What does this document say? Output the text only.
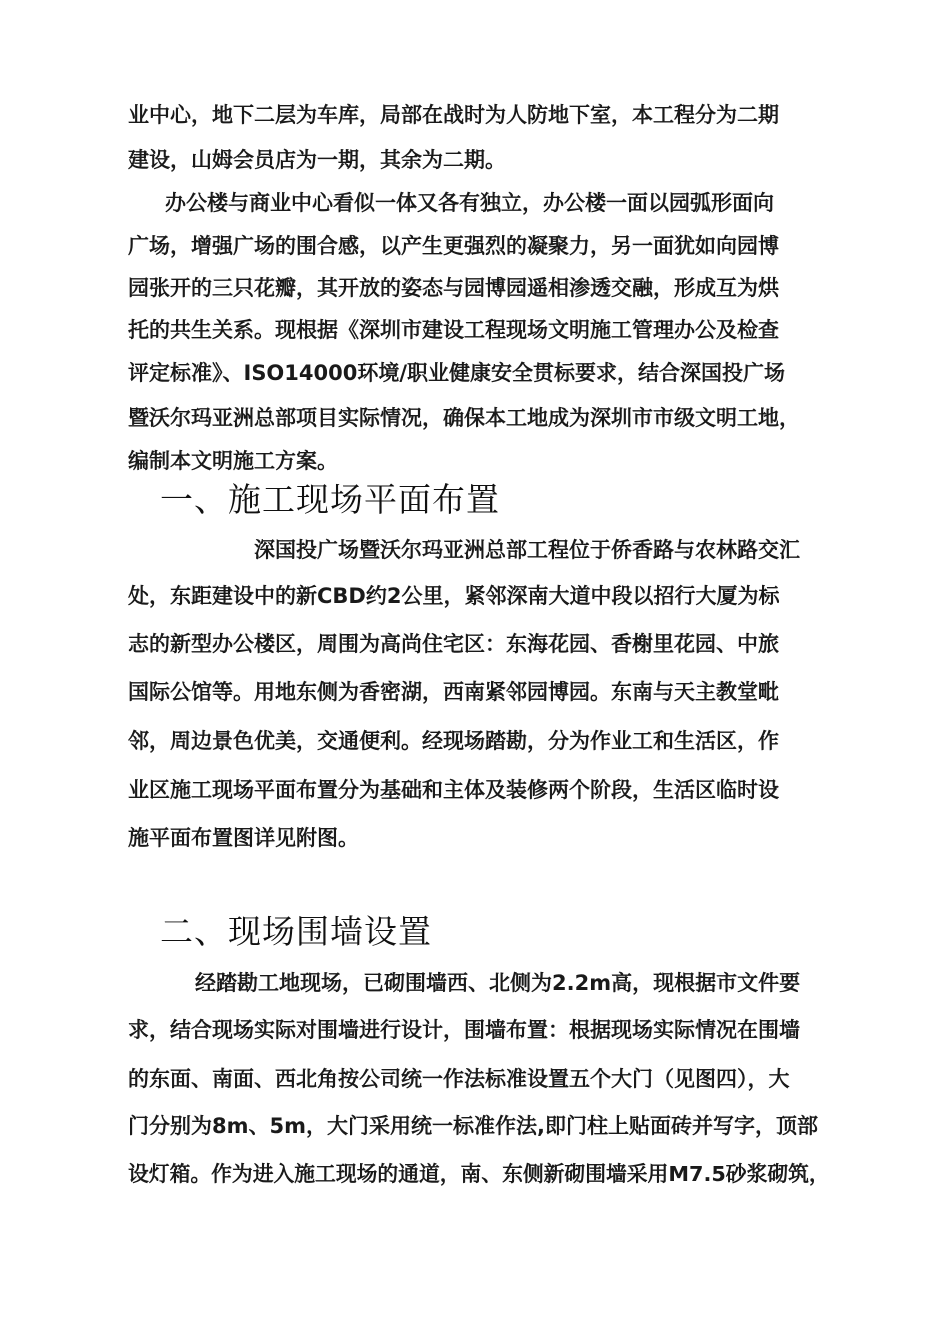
业中心，地下二层为车库，局部在战时为人防地下室，本工程分为二期
建设，山姆会员店为一期，其余为二期。
办公楼与商业中心看似一体又各有独立，办公楼一面以园弧形面向
广场，增强广场的围合感，以产生更强烈的凝聚力，另一面犹如向园博
园张开的三只花瓣，其开放的姿态与园博园遥相渗透交融，形成互为烘
托的共生关系。现根据《深圳市建设工程现场文明施工管理办公及检查
评定标准》、ISO14000环境/职业健康安全贯标要求，结合深国投广场
暨沃尔玛亚洲总部项目实际情况，确保本工地成为深圳市市级文明工地，
编制本文明施工方案。
一、施工现场平面布置
深国投广场暨沃尔玛亚洲总部工程位于侨香路与农林路交汇
处，东距建设中的新CBD约2公里，紧邻深南大道中段以招行大厦为标
志的新型办公楼区，周围为高尚住宅区：东海花园、香榭里花园、中旅
国际公馆等。用地东侧为香密湖，西南紧邻园博园。东南与天主教堂毗
邻，周边景色优美，交通便利。经现场踏勘，分为作业工和生活区，作
业区施工现场平面布置分为基础和主体及装修两个阶段，生活区临时设
施平面布置图详见附图。
二、现场围墙设置
经踏勘工地现场，已砌围墙西、北侧为2.2m高，现根据市文件要
求，结合现场实际对围墙进行设计，围墙布置：根据现场实际情况在围墙
的东面、南面、西北角按公司统一作法标准设置五个大门（见图四），大
门分别为8m、5m，大门采用统一标准作法,即门柱上贴面砖并写字，顶部
设灯箱。作为进入施工现场的通道，南、东侧新砌围墙采用M7.5砂浆砌筑，
